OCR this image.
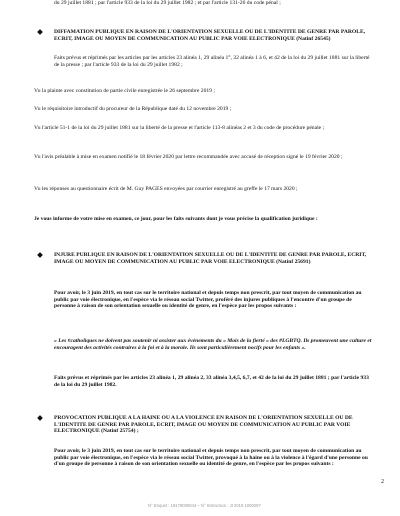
du 29 juillet 1881 ; par l'article 933 de la loi du 29 juillet 1982 ; et par l'article 131-26 du code pénal ;
DIFFAMATION PUBLIQUE EN RAISON DE L'ORIENTATION SEXUELLE OU DE L'IDENTITE DE GENRE PAR PAROLE, ECRIT, IMAGE OU MOYEN DE COMMUNICATION AU PUBLIC PAR VOIE ELECTRONIQUE (Natinf 26545)
Faits prévus et réprimés par les articles par les articles 23 alinéa 1, 29 alinéa 1°, 32 alinéa 1 à 6, et 42 de la loi du 29 juillet 1881 sur la liberté de la presse ; par l'article 933 de la loi du 29 juillet 1982 ;
Vu la plainte avec constitution de partie civile enregistrée le 26 septembre 2019 ;
Vu le réquisitoire introductif du procureur de la République daté du 12 novembre 2019 ;
Vu l'article 51-1 de la loi du 29 juillet 1881 sur la liberté de la presse et l'article 113-8 alinéas 2 et 3 du code de procédure pénale ;
Vu l'avis préalable à mise en examen notifié le 18 février 2020 par lettre recommandée avec accusé de réception signé le 19 février 2020 ;
Vu les réponses au questionnaire écrit de M. Guy PAGES envoyées par courrier enregistré au greffe le 17 mars 2020 ;
Je vous informe de votre mise en examen, ce jour, pour les faits suivants dont je vous précise la qualification juridique :
INJURE PUBLIQUE EN RAISON DE L'ORIENTATION SEXUELLE OU DE L'IDENTITE DE GENRE PAR PAROLE, ECRIT, IMAGE OU MOYEN DE COMMUNICATION AU PUBLIC PAR VOIE ELECTRONIQUE (Natinf 25691)
Pour avoir, le 3 juin 2019, en tout cas sur le territoire national et depuis temps non prescrit, par tout moyen de communication au public par voie électronique, en l'espèce via le réseau social Twitter, proféré des injures publiques à l'encontre d'un groupe de personne à raison de son orientation sexuelle ou identité de genre, en l'espèce par les propos suivants :
« Les ¢catholiques ne doivent pas soutenir ni assister aux événements du « Mois de la fierté » des #LGBTQ. Ils promeuvent une culture et encouragent des activités contraires à la foi et à la morale. Ils sont particulièrement nocifs pour les enfants ».
Faits prévus et réprimés par les articles 23 alinéa 1, 29 alinéa 2, 33 alinéa 3,4,5, 6,7, et 42 de la loi du 29 juillet 1881 ; par l'article 933 de la loi du 29 juillet 1982.
PROVOCATION PUBLIQUE A LA HAINE OU A LA VIOLENCE EN RAISON DE L'ORIENTATION SEXUELLE OU DE L'IDENTITE DE GENRE PAR PAROLE, ECRIT, IMAGE OU MOYEN DE COMMUNICATION AU PUBLIC PAR VOIE ELECTRONIQUE (Natinf 25754) ;
Pour avoir, le 3 juin 2019, en tout cas sur le territoire national et depuis temps non prescrit, par tout moyen de communication au public par voie électronique, en l'espèce via le réseau social Twitter, provoqué à la haine ou à la violence à l'égard d'une personne ou d'un groupe de personne à raison de son orientation sexuelle ou identité de genre, en l'espèce par les propos suivants :
2
N° Enquet : 19179000844 – N° Instruction : JI 2019 1000297
